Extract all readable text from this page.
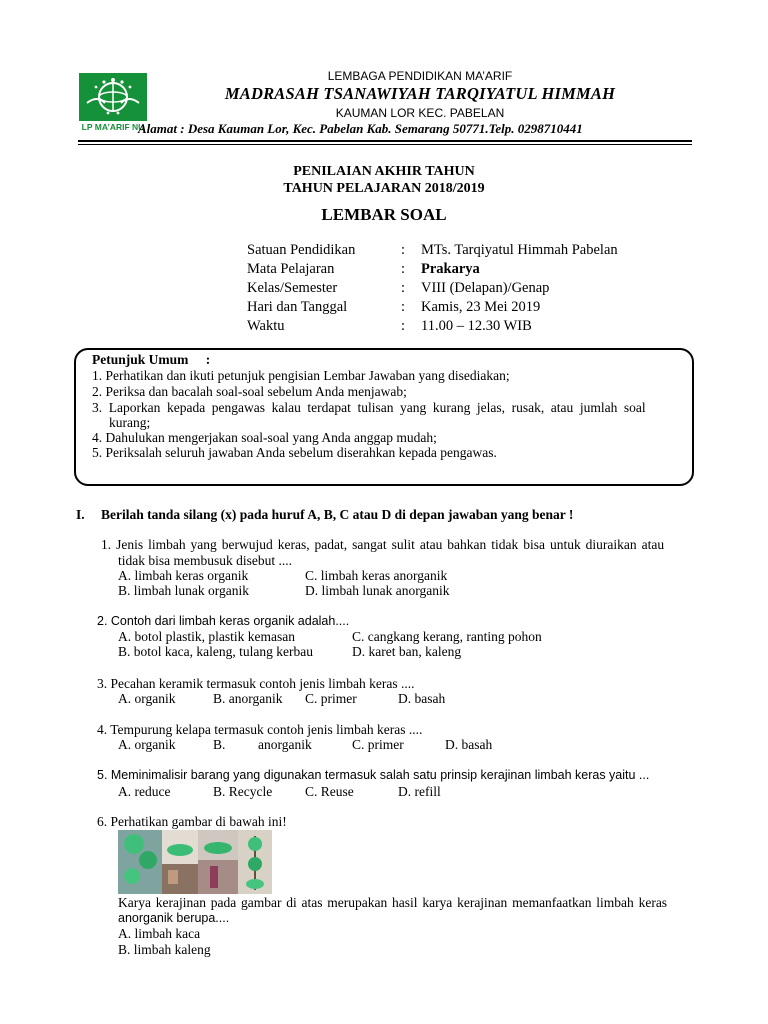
LP MA’ARIF NU
LEMBAGA PENDIDIKAN MA’ARIF
MADRASAH TSANAWIYAH TARQIYATUL HIMMAH
KAUMAN LOR KEC. PABELAN
Alamat : Desa Kauman Lor, Kec. Pabelan Kab. Semarang 50771.Telp. 0298710441
PENILAIAN AKHIR TAHUN
TAHUN PELAJARAN 2018/2019
LEMBAR SOAL
Satuan Pendidikan	: MTs. Tarqiyatul Himmah Pabelan
Mata Pelajaran	: Prakarya
Kelas/Semester	: VIII (Delapan)/Genap
Hari dan Tanggal	: Kamis, 23 Mei 2019
Waktu	: 11.00 – 12.30 WIB
Petunjuk Umum :
1. Perhatikan dan ikuti petunjuk pengisian Lembar Jawaban yang disediakan;
2. Periksa dan bacalah soal-soal sebelum Anda menjawab;
3. Laporkan kepada pengawas kalau terdapat tulisan yang kurang jelas, rusak, atau jumlah soal
kurang;
4. Dahulukan mengerjakan soal-soal yang Anda anggap mudah;
5. Periksalah seluruh jawaban Anda sebelum diserahkan kepada pengawas.
I. Berilah tanda silang (x) pada huruf A, B, C atau D di depan jawaban yang benar !
1. Jenis limbah yang berwujud keras, padat, sangat sulit atau bahkan tidak bisa untuk diuraikan atau
tidak bisa membusuk disebut ....
A. limbah keras organik	C. limbah keras anorganik
B. limbah lunak organik	D. limbah lunak anorganik
2. Contoh dari limbah keras organik adalah....
A. botol plastik, plastik kemasan	C. cangkang kerang, ranting pohon
B. botol kaca, kaleng, tulang kerbau	D. karet ban, kaleng
3. Pecahan keramik termasuk contoh jenis limbah keras ....
A. organik	B. anorganik C. primer	D. basah
4. Tempurung kelapa termasuk contoh jenis limbah keras ....
A. organik	B. anorganik	C. primer	D. basah
5. Meminimalisir barang yang digunakan termasuk salah satu prinsip kerajinan limbah keras yaitu ...
A. reduce	B. Recycle C. Reuse	D. refill
6. Perhatikan gambar di bawah ini!
Karya kerajinan pada gambar di atas merupakan hasil karya kerajinan memanfaatkan limbah keras
anorganik berupa....
A. limbah kaca
B. limbah kaleng
